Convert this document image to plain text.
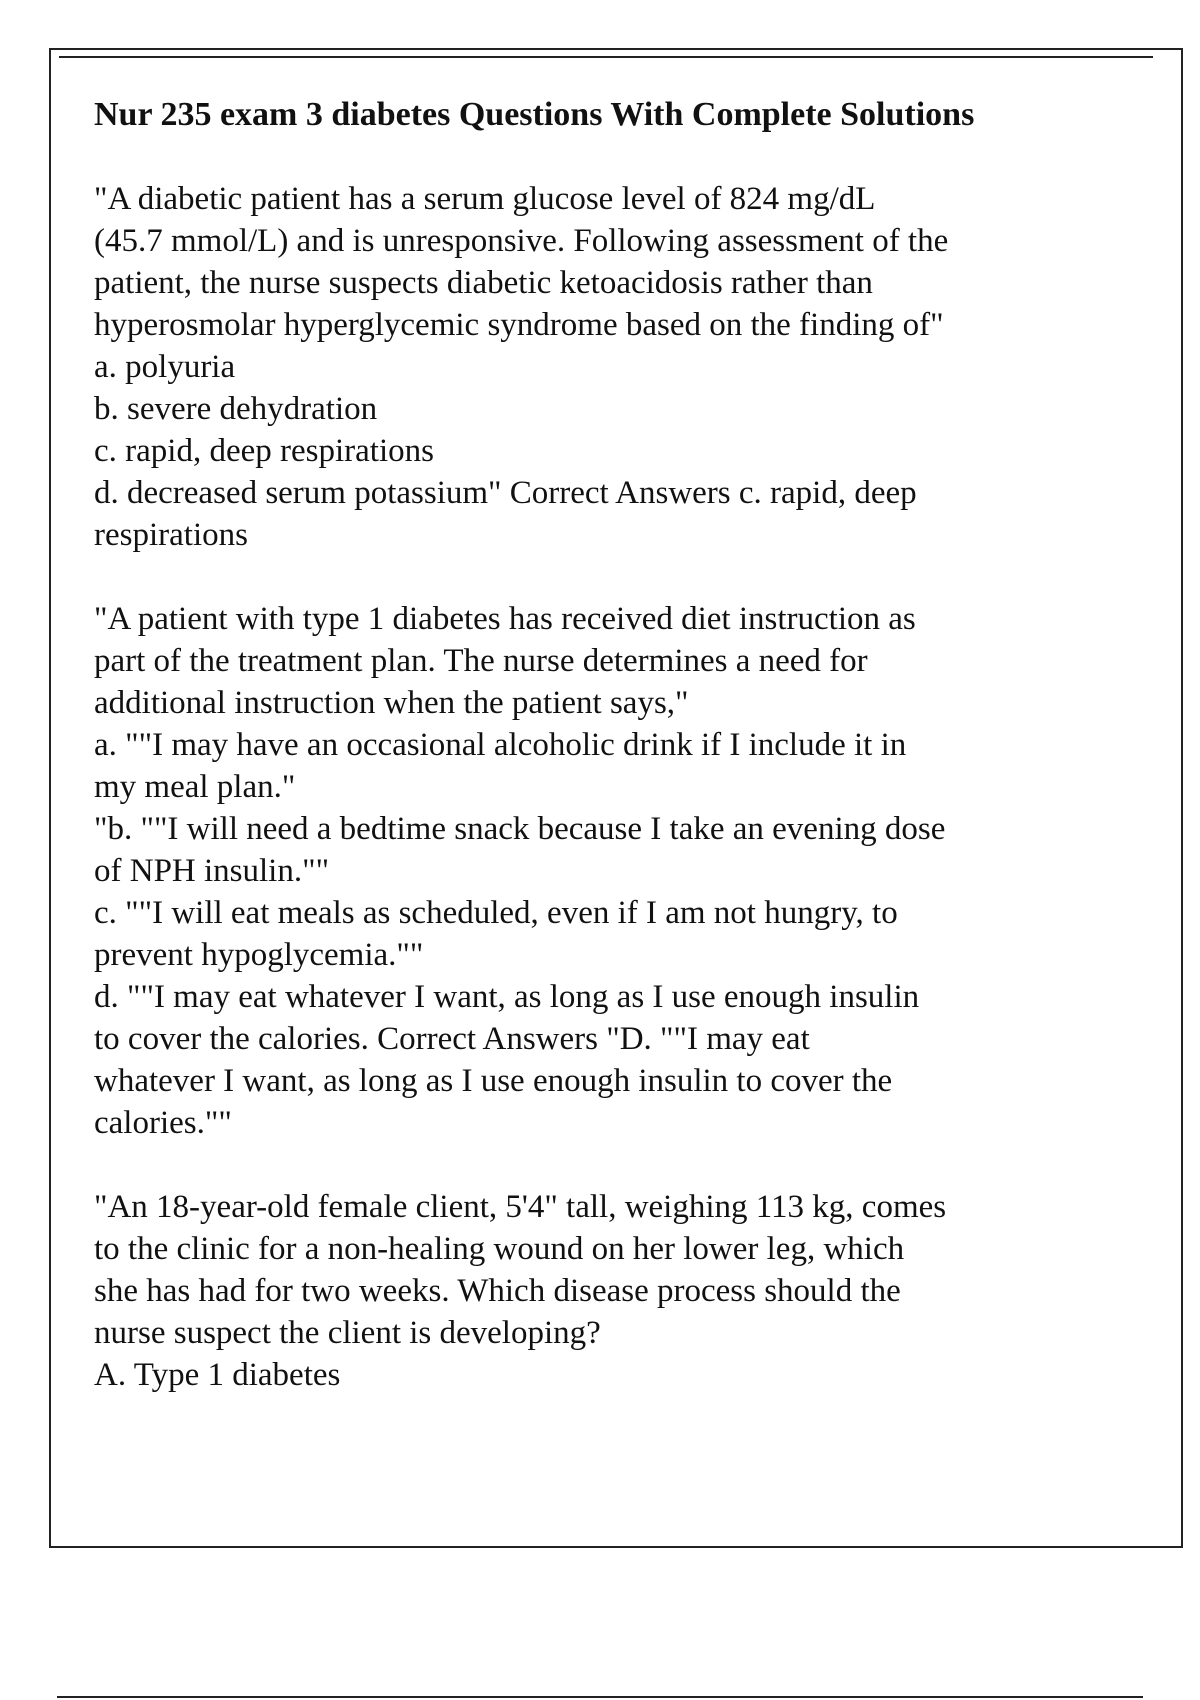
Nur 235 exam 3 diabetes Questions With Complete Solutions
"A diabetic patient has a serum glucose level of 824 mg/dL
(45.7 mmol/L) and is unresponsive. Following assessment of the
patient, the nurse suspects diabetic ketoacidosis rather than
hyperosmolar hyperglycemic syndrome based on the finding of"
a. polyuria
b. severe dehydration
c. rapid, deep respirations
d. decreased serum potassium" Correct Answers c. rapid, deep
respirations
"A patient with type 1 diabetes has received diet instruction as
part of the treatment plan. The nurse determines a need for
additional instruction when the patient says,"
a. ""I may have an occasional alcoholic drink if I include it in
my meal plan."
"b. ""I will need a bedtime snack because I take an evening dose
of NPH insulin.""
c. ""I will eat meals as scheduled, even if I am not hungry, to
prevent hypoglycemia.""
d. ""I may eat whatever I want, as long as I use enough insulin
to cover the calories. Correct Answers "D. ""I may eat
whatever I want, as long as I use enough insulin to cover the
calories.""
"An 18-year-old female client, 5'4" tall, weighing 113 kg, comes
to the clinic for a non-healing wound on her lower leg, which
she has had for two weeks. Which disease process should the
nurse suspect the client is developing?
A. Type 1 diabetes
